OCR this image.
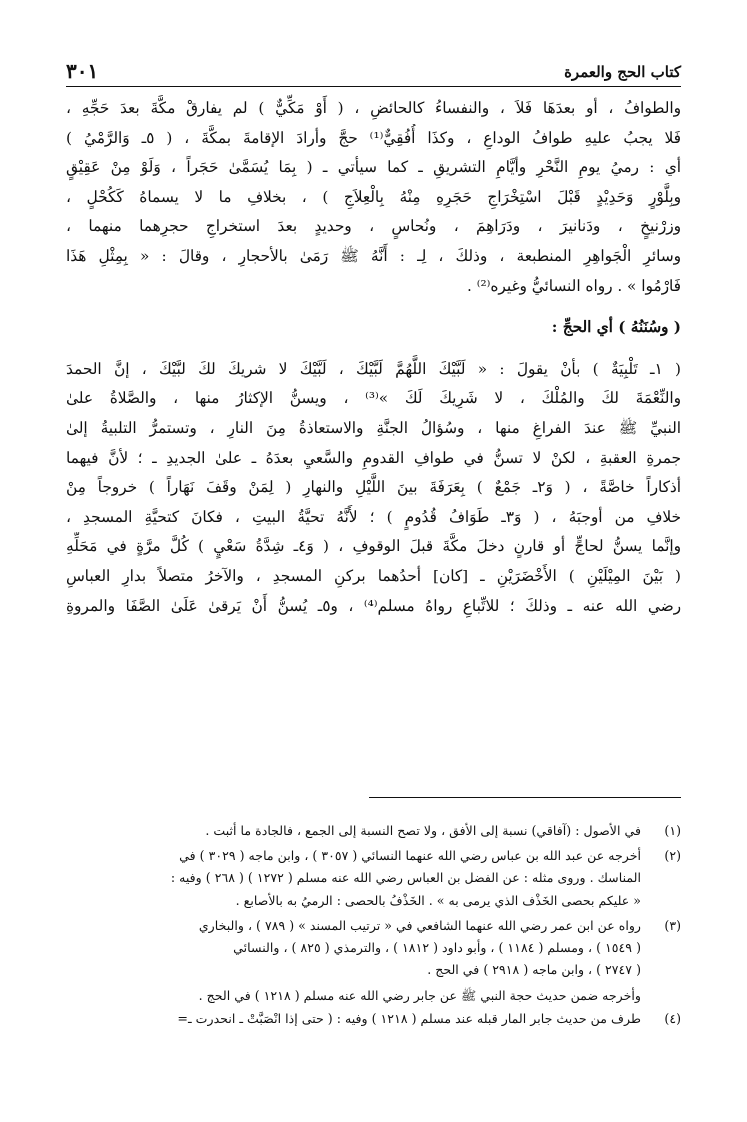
كتاب الحج والعمرة
٣٠١
والطوافُ ، أو بعدَهَا فَلاَ ، والنفساءُ كالحائضِ ، ( أَوْ مَكِّيٌّ ) لم يفارقْ مكَّةَ بعدَ حَجِّهِ ،
فَلا يجبُ عليهِ طوافُ الوداعِ ، وكذَا أُفُقِيٌّ⁽¹⁾ حجَّ وأرادَ الإقامةَ بمكَّةَ ، ( ٥ـ وَالرَّمْيُ )
أي : رميُ يومِ النَّحْرِ وأيَّامِ التشريقِ ـ كما سيأتي ـ ( بِمَا يُسَمَّىٰ حَجَراً ، وَلَوْ مِنْ عَقِيْقٍ
وبِلَّوْرٍ وَحَدِيْدٍ قَبْلَ اسْتِخْرَاجِ حَجَرِهِ مِنْهُ بِالْعِلاَجِ ) ، بخلافِ ما لا يسماهُ كَكُحْلٍ ،
وزرْنيخٍ ، ودَنانيرَ ، ودَرَاهِمَ ، ونُحاسٍ ، وحديدٍ بعدَ استخراجِ حجرِهما منهما ،
وسائرِ الْجَواهِرِ المنطبعة ، وذلكَ ، لِـ : أَنَّهُ ﷺ رَمَىٰ بالأحجارِ ، وقالَ : « بِمِثْلِ هَذَا
فَارْمُوا » . رواه النسائيُّ وغيره⁽²⁾ .
( وسُنَنُهُ ) أي الحجِّ :
( ١ـ تَلْبِيَةٌ ) بأنْ يقولَ : « لَبَّيْكَ اللَّهُمَّ لَبَّيْكَ ، لَبَّيْكَ لا شريكَ لكَ لبَّيْكَ ، إنَّ الحمدَ
والنِّعْمَةَ لكَ والمُلْكَ ، لا شَرِيكَ لَكَ »⁽³⁾ ، ويسنُّ الإكثارُ منها ، والصَّلاةُ علىٰ
النبيِّ ﷺ عندَ الفراغِ منها ، وسُؤالُ الجنَّةِ والاستعاذةُ مِنَ النارِ ، وتستمرُّ التلبيةُ إلىٰ
جمرةِ العقبةِ ، لكنْ لا تسنُّ في طوافِ القدومِ والسَّعيِ بعدَهُ ـ علىٰ الجديدِ ـ ؛ لأنَّ فيهما
أذكاراً خاصَّةً ، ( وَ٢ـ جَمْعٌ ) بِعَرَفَةَ بينَ اللَّيْلِ والنهارِ ( لِمَنْ وقَفَ نَهَاراً ) خروجاً مِنْ
خلافِ من أوجبَهُ ، ( وَ٣ـ طَوَافُ قُدُومٍ ) ؛ لأَنَّهُ تحيَّةُ البيتِ ، فكانَ كتحيَّةِ المسجدِ ،
وإنَّما يسنُّ لحاجٍّ أو قارنٍ دخلَ مكَّةَ قبلَ الوقوفِ ، ( وَ٤ـ شِدَّةُ سَعْيٍ ) كُلَّ مرَّةٍ في مَحَلِّهِ
( بَيْنَ المِيْلَيْنِ ) الأَخْضَرَيْنِ ـ [كان] أحدُهما بركنِ المسجدِ ، والآخرُ متصلاً بدارِ العباسِ
رضي الله عنه ـ وذلكَ ؛ للاتِّباعِ رواهُ مسلم⁽⁴⁾ ، و٥ـ يُسنُّ أَنْ يَرقىٰ عَلَىٰ الصَّفَا والمروةِ
(١)
في الأصول : (آفاقي) نسبة إلى الأفق ، ولا تصح النسبة إلى الجمع ، فالجادة ما أثبت .
(٢)
أخرجه عن عبد الله بن عباس رضي الله عنهما النسائي ( ٣٠٥٧ ) ، وابن ماجه ( ٣٠٢٩ ) في
المناسك . وروى مثله : عن الفضل بن العباس رضي الله عنه مسلم ( ١٢٧٢ ) ( ٢٦٨ ) وفيه :
« عليكم بحصى الخَذْف الذي يرمى به » . الخَذْفُ بالحصى : الرميُ به بالأصابع .
(٣)
رواه عن ابن عمر رضي الله عنهما الشافعي في « ترتيب المسند » ( ٧٨٩ ) ، والبخاري
( ١٥٤٩ ) ، ومسلم ( ١١٨٤ ) ، وأبو داود ( ١٨١٢ ) ، والترمذي ( ٨٢٥ ) ، والنسائي
( ٢٧٤٧ ) ، وابن ماجه ( ٢٩١٨ ) في الحج .
وأخرجه ضمن حديث حجة النبي ﷺ عن جابر رضي الله عنه مسلم ( ١٢١٨ ) في الحج .
(٤)
طرف من حديث جابر المار قبله عند مسلم ( ١٢١٨ ) وفيه : ( حتى إذا انْصَبَّتْ ـ انحدرت ـ=
